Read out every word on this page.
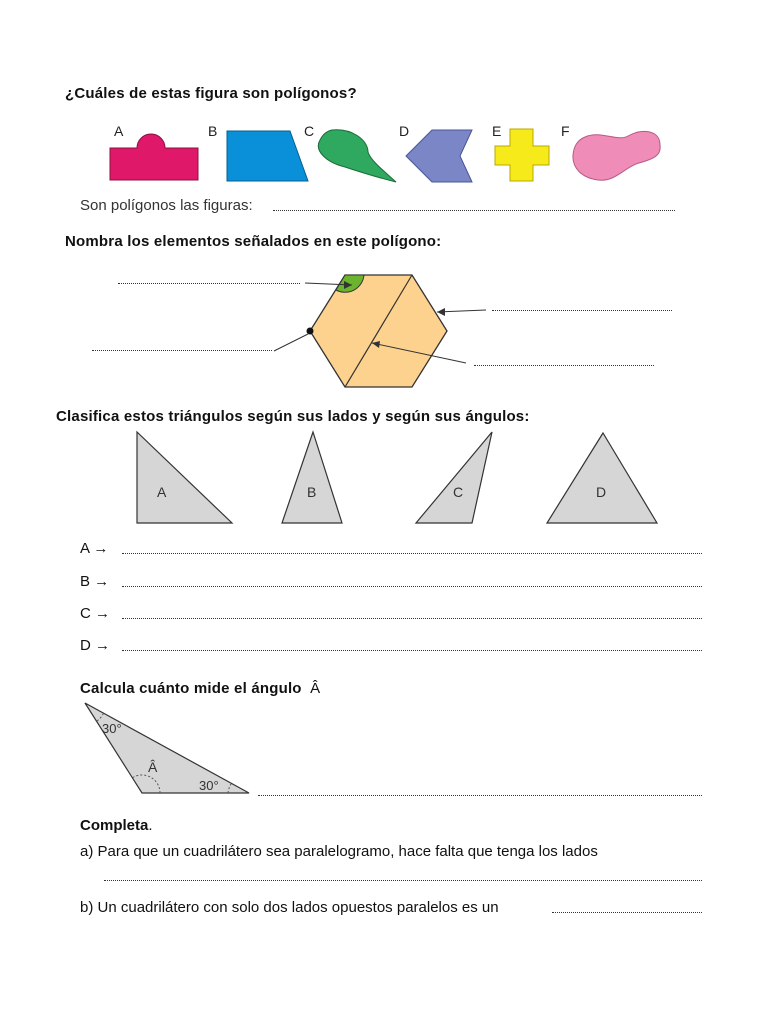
¿Cuáles de estas figura son polígonos?
A	B	C	D	E	F
Son polígonos las figuras:
Nombra los elementos señalados en este polígono:
Clasifica estos triángulos según sus lados y según sus ángulos:
A	B	C	D
A →
B →
C →
D →
Calcula cuánto mide el ángulo Â
30°
30°
Â
Completa.
a) Para que un cuadrilátero sea paralelogramo, hace falta que tenga los lados
b) Un cuadrilátero con solo dos lados opuestos paralelos es un
